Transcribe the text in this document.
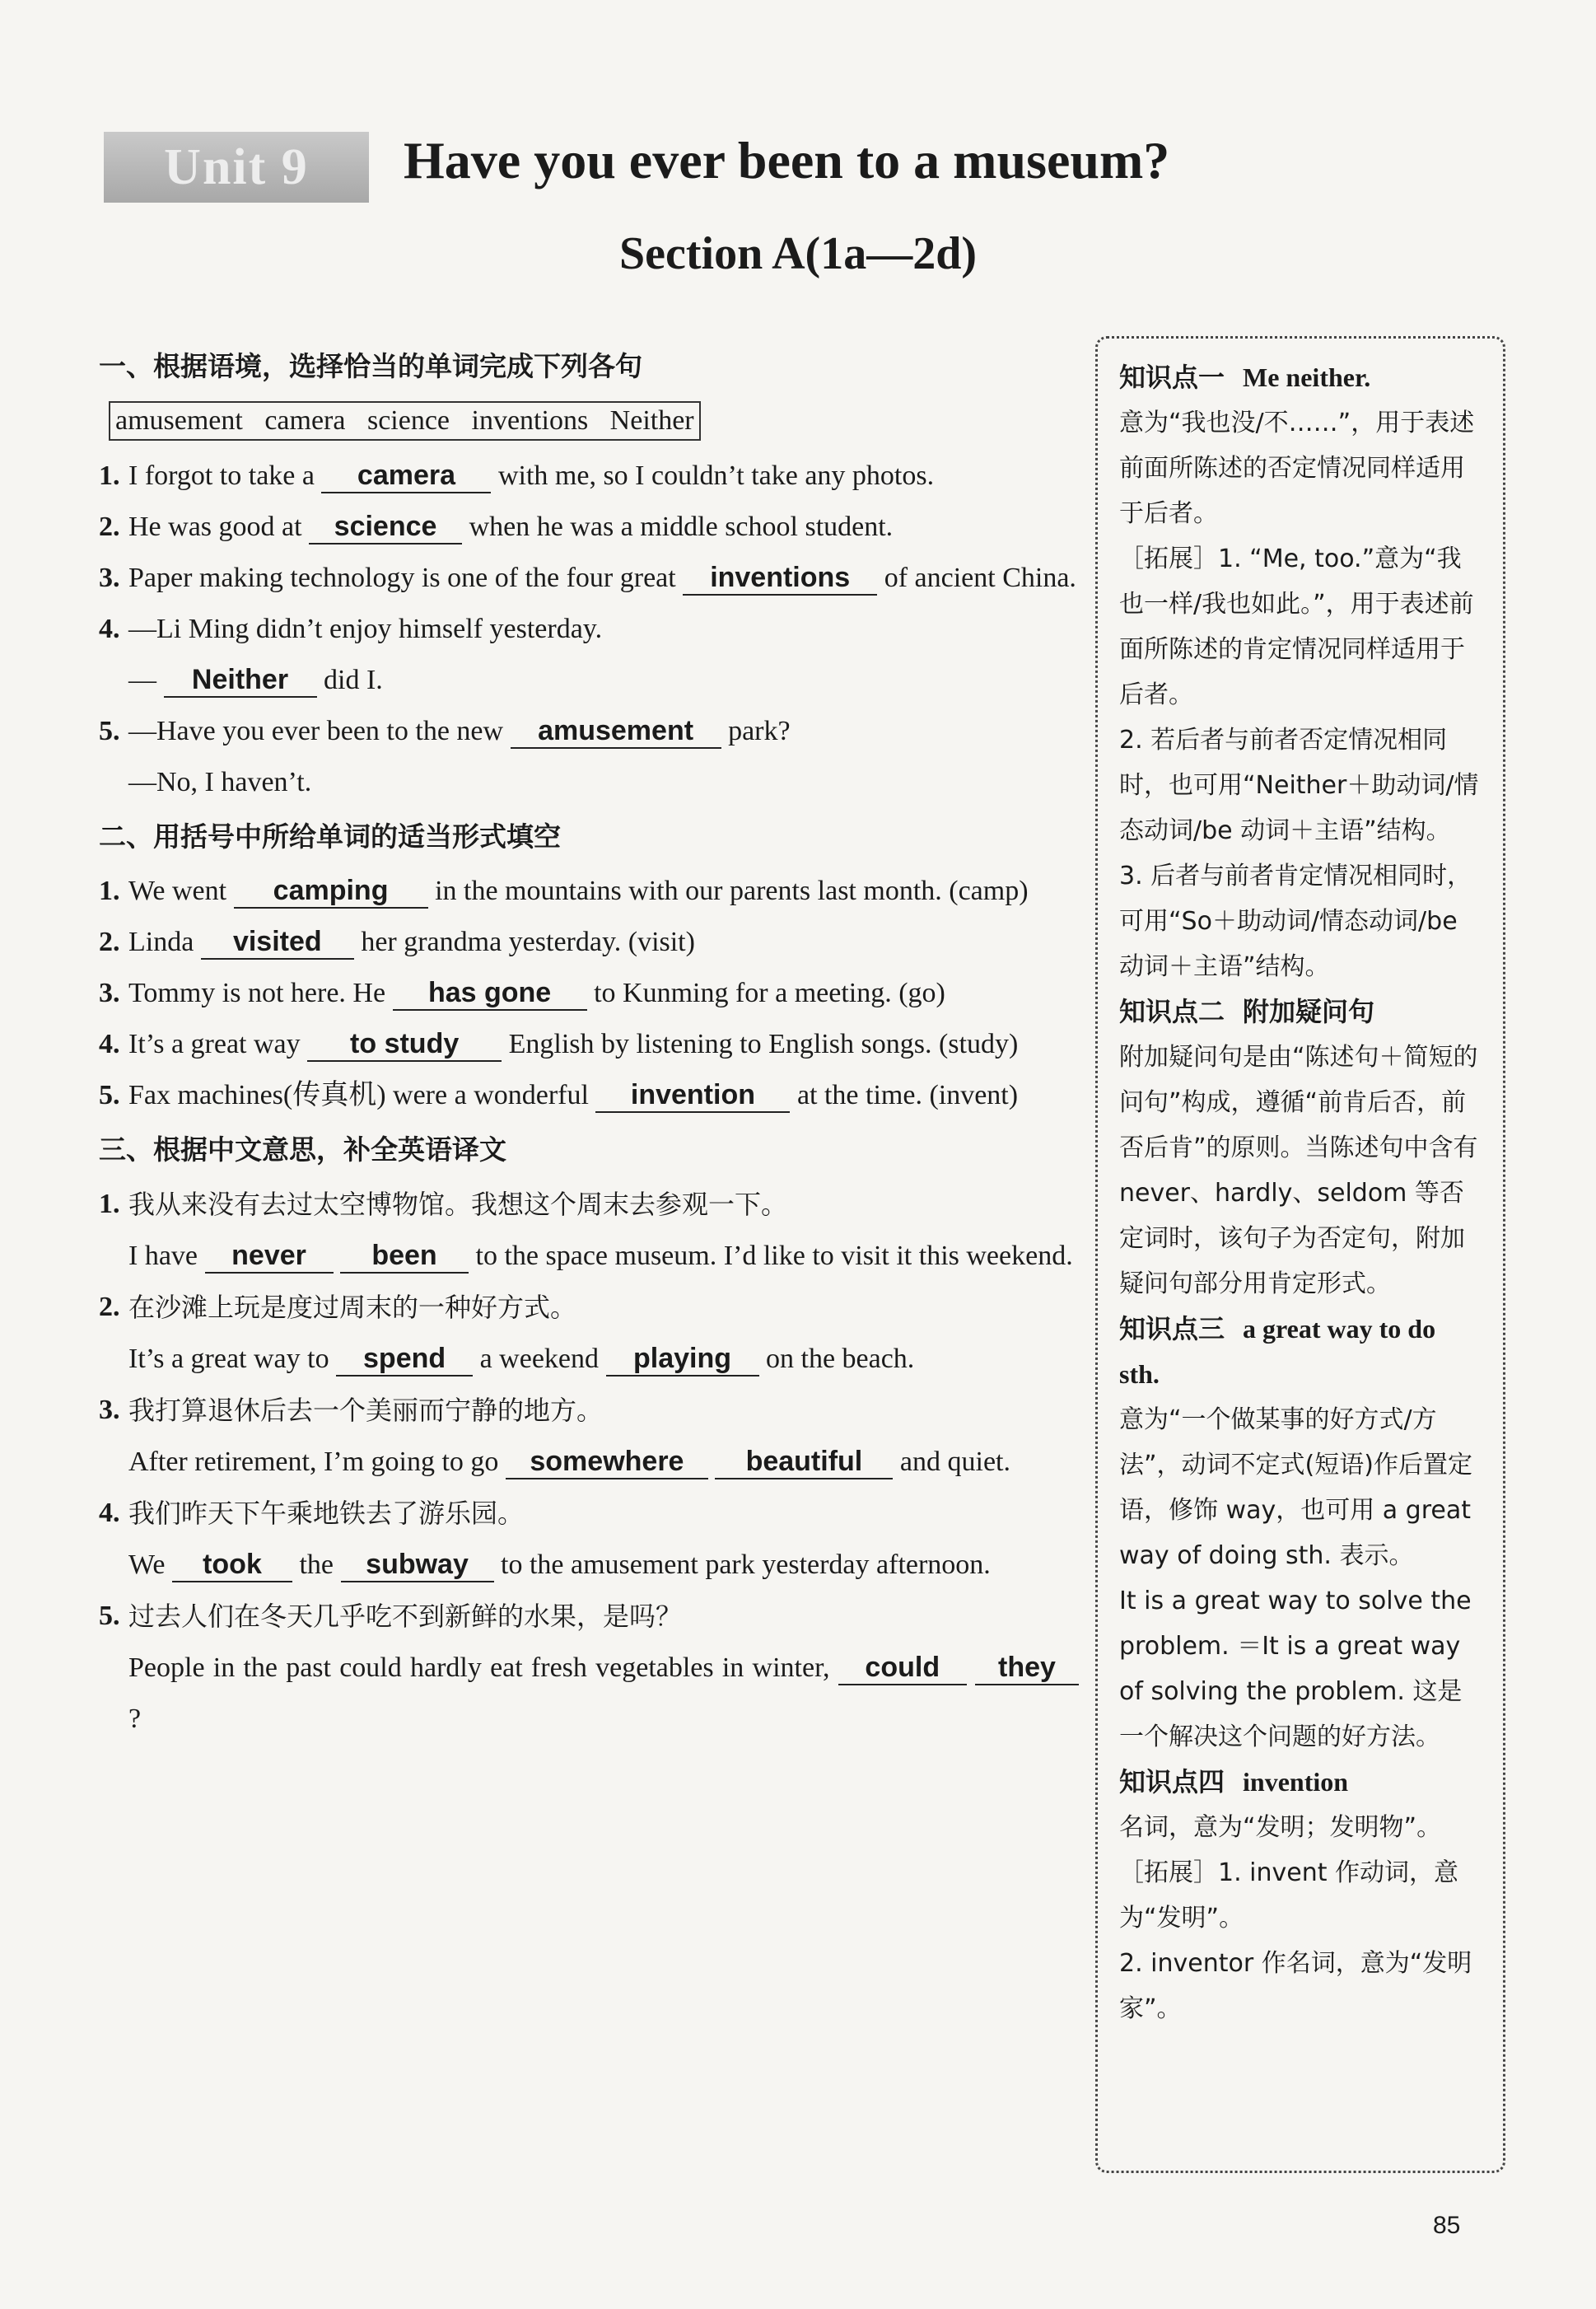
Unit 9	Have you ever been to a museum?
Section A(1a—2d)
一、根据语境，选择恰当的单词完成下列各句
amusement camera science inventions Neither
1. I forgot to take a camera with me, so I couldn’t take any photos.
2. He was good at science when he was a middle school student.
3. Paper making technology is one of the four great inventions of ancient China.
4. —Li Ming didn’t enjoy himself yesterday.
— Neither did I.
5. —Have you ever been to the new amusement park?
—No, I haven’t.
二、用括号中所给单词的适当形式填空
1. We went camping in the mountains with our parents last month. (camp)
2. Linda visited her grandma yesterday. (visit)
3. Tommy is not here. He has gone to Kunming for a meeting. (go)
4. It’s a great way to study English by listening to English songs. (study)
5. Fax machines(传真机) were a wonderful invention at the time. (invent)
三、根据中文意思，补全英语译文
1. 我从来没有去过太空博物馆。我想这个周末去参观一下。
I have never been to the space museum. I’d like to visit it this weekend.
2. 在沙滩上玩是度过周末的一种好方式。
It’s a great way to spend a weekend playing on the beach.
3. 我打算退休后去一个美丽而宁静的地方。
After retirement, I’m going to go somewhere beautiful and quiet.
4. 我们昨天下午乘地铁去了游乐园。
We took the subway to the amusement park yesterday afternoon.
5. 过去人们在冬天几乎吃不到新鲜的水果，是吗？
People in the past could hardly eat fresh vegetables in winter, could they ?
知识点一 Me neither.

意为“我也没/不……”，用于表述前面所陈述的否定情况同样适用于后者。

［拓展］1. “Me, too.”意为“我也一样/我也如此。”，用于表述前面所陈述的肯定情况同样适用于后者。

2. 若后者与前者否定情况相同时，也可用“Neither＋助动词/情态动词/be 动词＋主语”结构。

3. 后者与前者肯定情况相同时，可用“So＋助动词/情态动词/be 动词＋主语”结构。

知识点二 附加疑问句

附加疑问句是由“陈述句＋简短的问句”构成，遵循“前肯后否，前否后肯”的原则。当陈述句中含有 never、hardly、seldom 等否定词时，该句子为否定句，附加疑问句部分用肯定形式。

知识点三 a great way to do sth.

意为“一个做某事的好方式/方法”，动词不定式(短语)作后置定语，修饰 way，也可用 a great way of doing sth. 表示。

It is a great way to solve the problem. ＝It is a great way of solving the problem. 这是一个解决这个问题的好方法。

知识点四 invention

名词，意为“发明；发明物”。

［拓展］1. invent 作动词，意为“发明”。

2. inventor 作名词，意为“发明家”。

85
